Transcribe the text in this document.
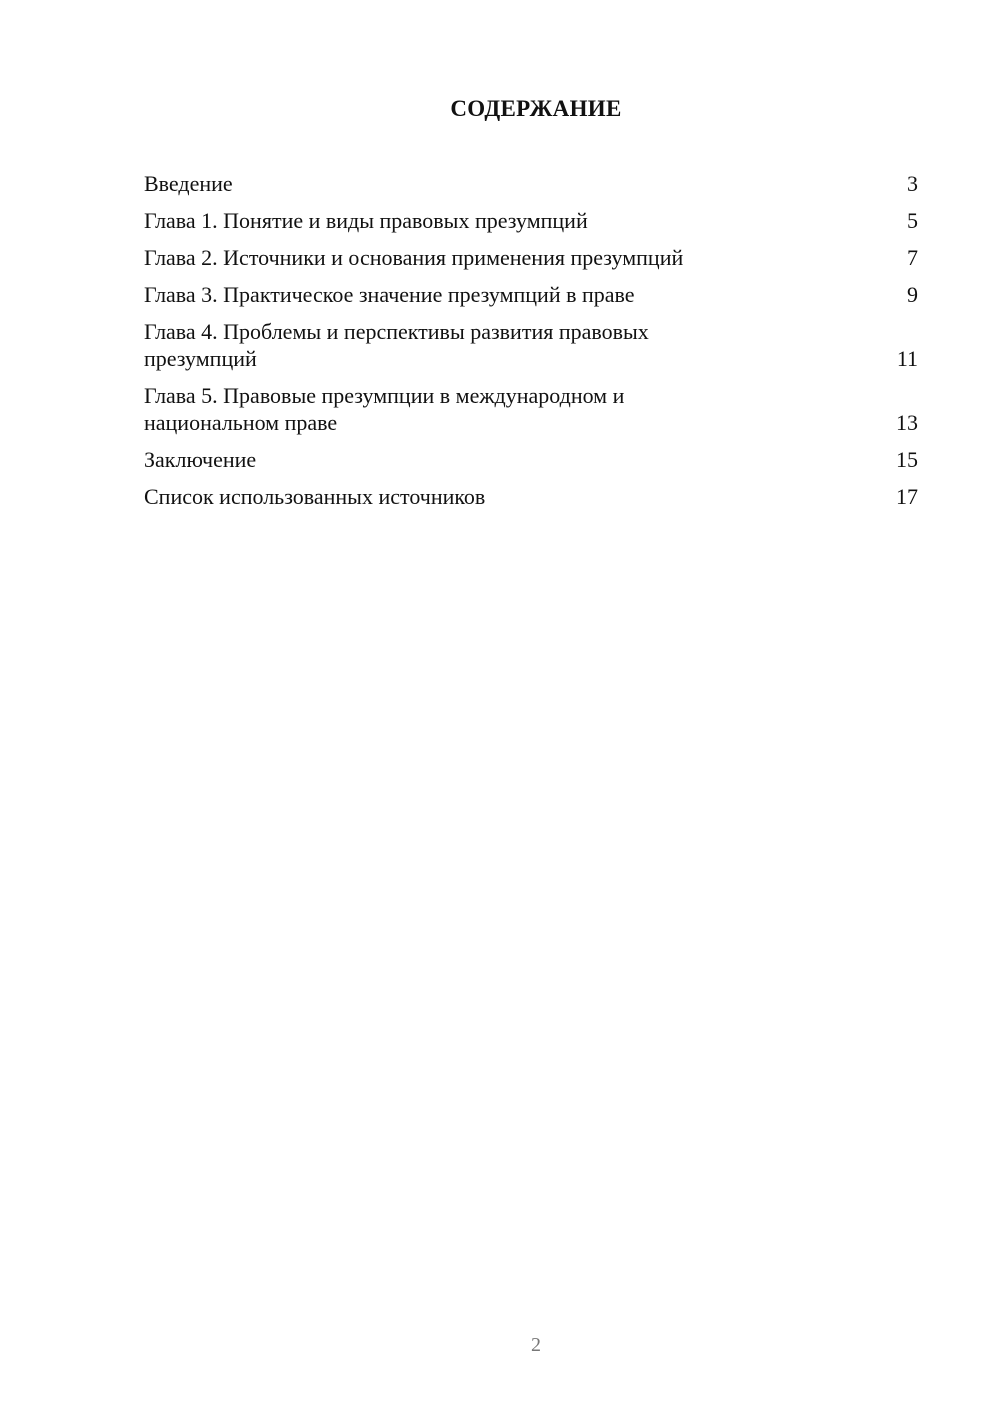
СОДЕРЖАНИЕ
Введение	3
Глава 1. Понятие и виды правовых презумпций	5
Глава 2. Источники и основания применения презумпций	7
Глава 3. Практическое значение презумпций в праве	9
Глава 4. Проблемы и перспективы развития правовых презумпций	11
Глава 5. Правовые презумпции в международном и национальном праве	13
Заключение	15
Список использованных источников	17
2
